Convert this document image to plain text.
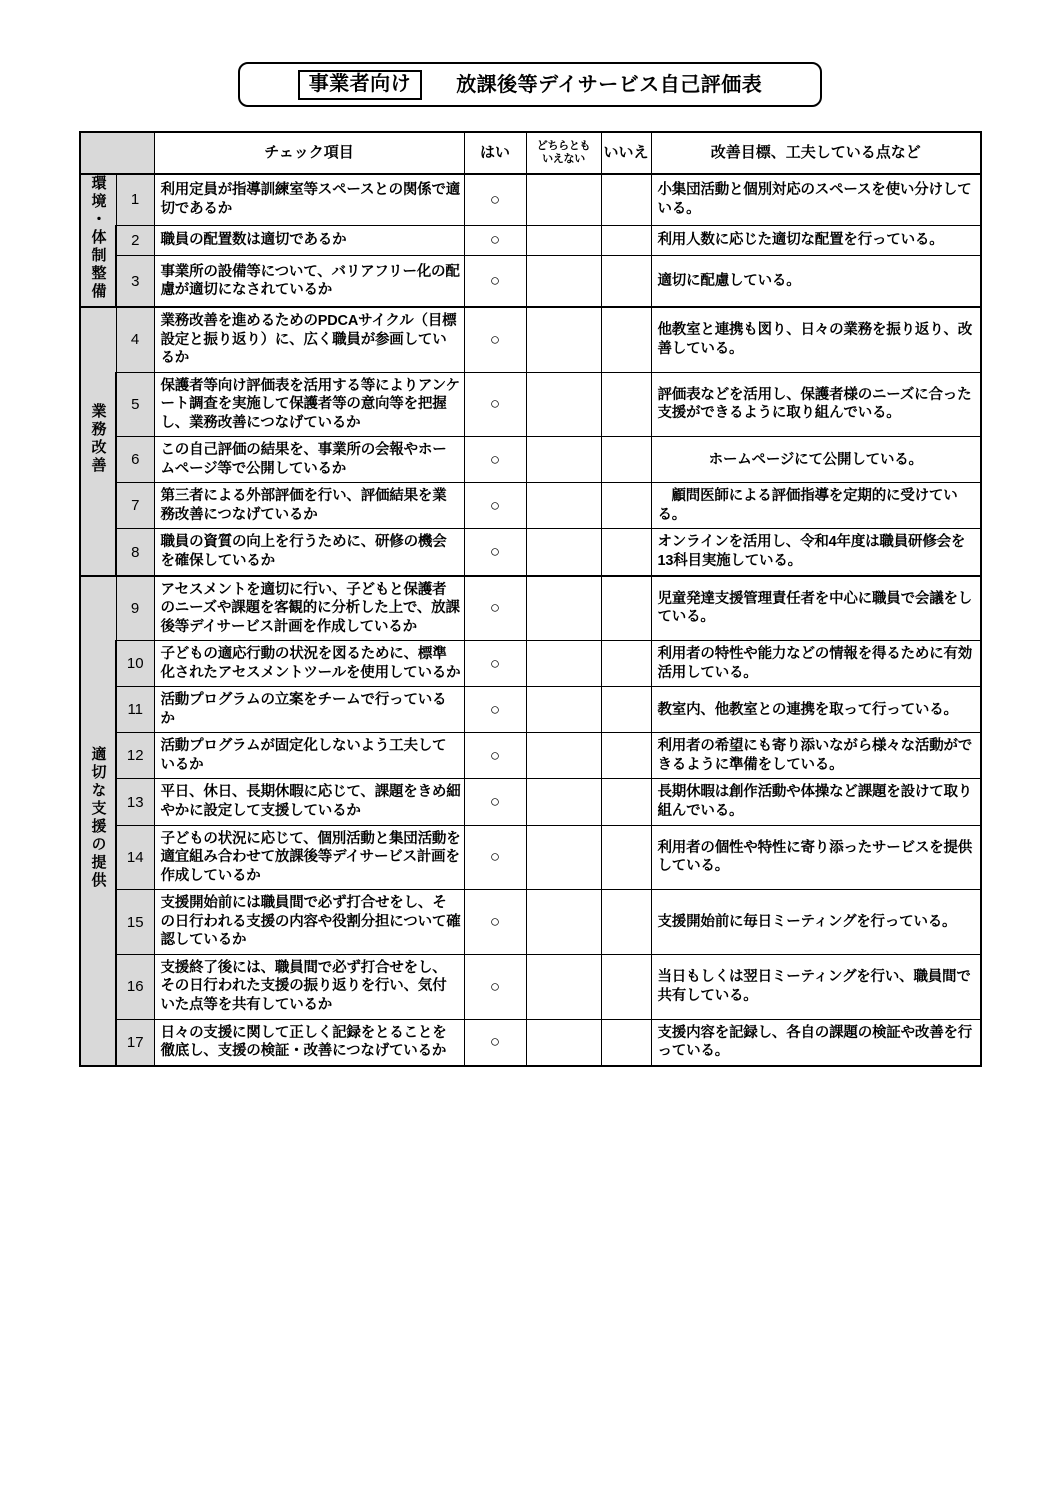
事業者向け	放課後等デイサービス自己評価表
		チェック項目	はい	どちらとも
いえない	いいえ	改善目標、工夫している点など
環境・体制整備	1	利用定員が指導訓練室等スペースとの関係で適切であるか	○			小集団活動と個別対応のスペースを使い分けしている。
	2	職員の配置数は適切であるか	○			利用人数に応じた適切な配置を行っている。
	3	事業所の設備等について、バリアフリー化の配慮が適切になされているか	○			適切に配慮している。
業務改善	4	業務改善を進めるためのPDCAサイクル（目標設定と振り返り）に、広く職員が参画しているか	○			他教室と連携も図り、日々の業務を振り返り、改善している。
	5	保護者等向け評価表を活用する等によりアンケート調査を実施して保護者等の意向等を把握し、業務改善につなげているか	○			評価表などを活用し、保護者様のニーズに合った支援ができるように取り組んでいる。
	6	この自己評価の結果を、事業所の会報やホームページ等で公開しているか	○			ホームページにて公開している。
	7	第三者による外部評価を行い、評価結果を業務改善につなげているか	○			顧問医師による評価指導を定期的に受けている。
	8	職員の資質の向上を行うために、研修の機会を確保しているか	○			オンラインを活用し、令和4年度は職員研修会を13科目実施している。
適切な支援の提供	9	アセスメントを適切に行い、子どもと保護者のニーズや課題を客観的に分析した上で、放課後等デイサービス計画を作成しているか	○			児童発達支援管理責任者を中心に職員で会議をしている。
	10	子どもの適応行動の状況を図るために、標準化されたアセスメントツールを使用しているか	○			利用者の特性や能力などの情報を得るために有効活用している。
	11	活動プログラムの立案をチームで行っているか	○			教室内、他教室との連携を取って行っている。
	12	活動プログラムが固定化しないよう工夫しているか	○			利用者の希望にも寄り添いながら様々な活動ができるように準備をしている。
	13	平日、休日、長期休暇に応じて、課題をきめ細やかに設定して支援しているか	○			長期休暇は創作活動や体操など課題を設けて取り組んでいる。
	14	子どもの状況に応じて、個別活動と集団活動を適宜組み合わせて放課後等デイサービス計画を作成しているか	○			利用者の個性や特性に寄り添ったサービスを提供している。
	15	支援開始前には職員間で必ず打合せをし、その日行われる支援の内容や役割分担について確認しているか	○			支援開始前に毎日ミーティングを行っている。
	16	支援終了後には、職員間で必ず打合せをし、その日行われた支援の振り返りを行い、気付いた点等を共有しているか	○			当日もしくは翌日ミーティングを行い、職員間で共有している。
	17	日々の支援に関して正しく記録をとることを徹底し、支援の検証・改善につなげているか	○			支援内容を記録し、各自の課題の検証や改善を行っている。
